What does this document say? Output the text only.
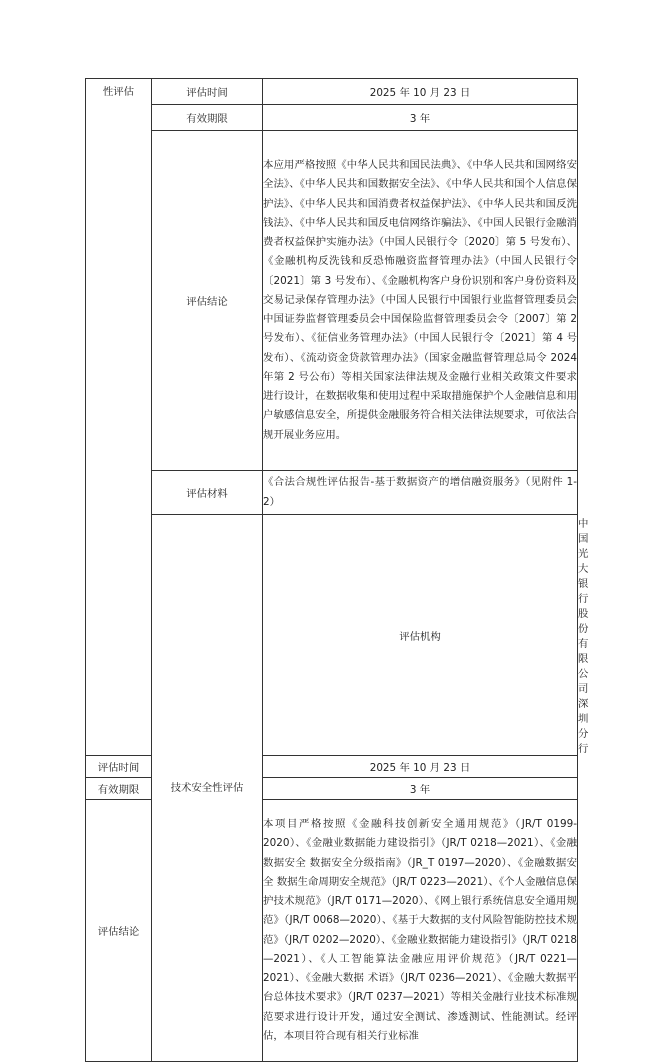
性评估	评估时间	2025 年 10 月 23 日	
	有效期限	3 年	
	评估结论	本应用严格按照《中华人民共和国民法典》、《中华人民共和国网络安全法》、《中华人民共和国数据安全法》、《中华人民共和国个人信息保护法》、《中华人民共和国消费者权益保护法》、《中华人民共和国反洗钱法》、《中华人民共和国反电信网络诈骗法》、《中国人民银行金融消费者权益保护实施办法》（中国人民银行令〔2020〕第 5 号发布）、《金融机构反洗钱和反恐怖融资监督管理办法》（中国人民银行令〔2021〕第 3 号发布）、《金融机构客户身份识别和客户身份资料及交易记录保存管理办法》（中国人民银行中国银行业监督管理委员会中国证券监督管理委员会中国保险监督管理委员会令〔2007〕第 2 号发布）、《征信业务管理办法》（中国人民银行令〔2021〕第 4 号发布）、《流动资金贷款管理办法》（国家金融监督管理总局令 2024 年第 2 号公布）等相关国家法律法规及金融行业相关政策文件要求进行设计，在数据收集和使用过程中采取措施保护个人金融信息和用户敏感信息安全，所提供金融服务符合相关法律法规要求，可依法合规开展业务应用。	
	评估材料	《合法合规性评估报告-基于数据资产的增信融资服务》（见附件 1-2）	
	技术安全性评估	评估机构	中国光大银行股份有限公司深圳分行
评估时间		2025 年 10 月 23 日	
有效期限		3 年	
评估结论		本项目严格按照《金融科技创新安全通用规范》（JR/T 0199-2020）、《金融业数据能力建设指引》（JR/T 0218—2021）、《金融数据安全 数据安全分级指南》（JR_T 0197—2020）、《金融数据安全 数据生命周期安全规范》（JR/T 0223—2021）、《个人金融信息保护技术规范》（JR/T 0171—2020）、《网上银行系统信息安全通用规范》（JR/T 0068—2020）、《基于大数据的支付风险智能防控技术规范》（JR/T 0202—2020）、《金融业数据能力建设指引》（JR/T 0218—2021）、《人工智能算法金融应用评价规范》（JR/T 0221—2021）、《金融大数据 术语》（JR/T 0236—2021）、《金融大数据平台总体技术要求》（JR/T 0237—2021）等相关金融行业技术标准规范要求进行设计开发，通过安全测试、渗透测试、性能测试。经评估，本项目符合现有相关行业标准	
